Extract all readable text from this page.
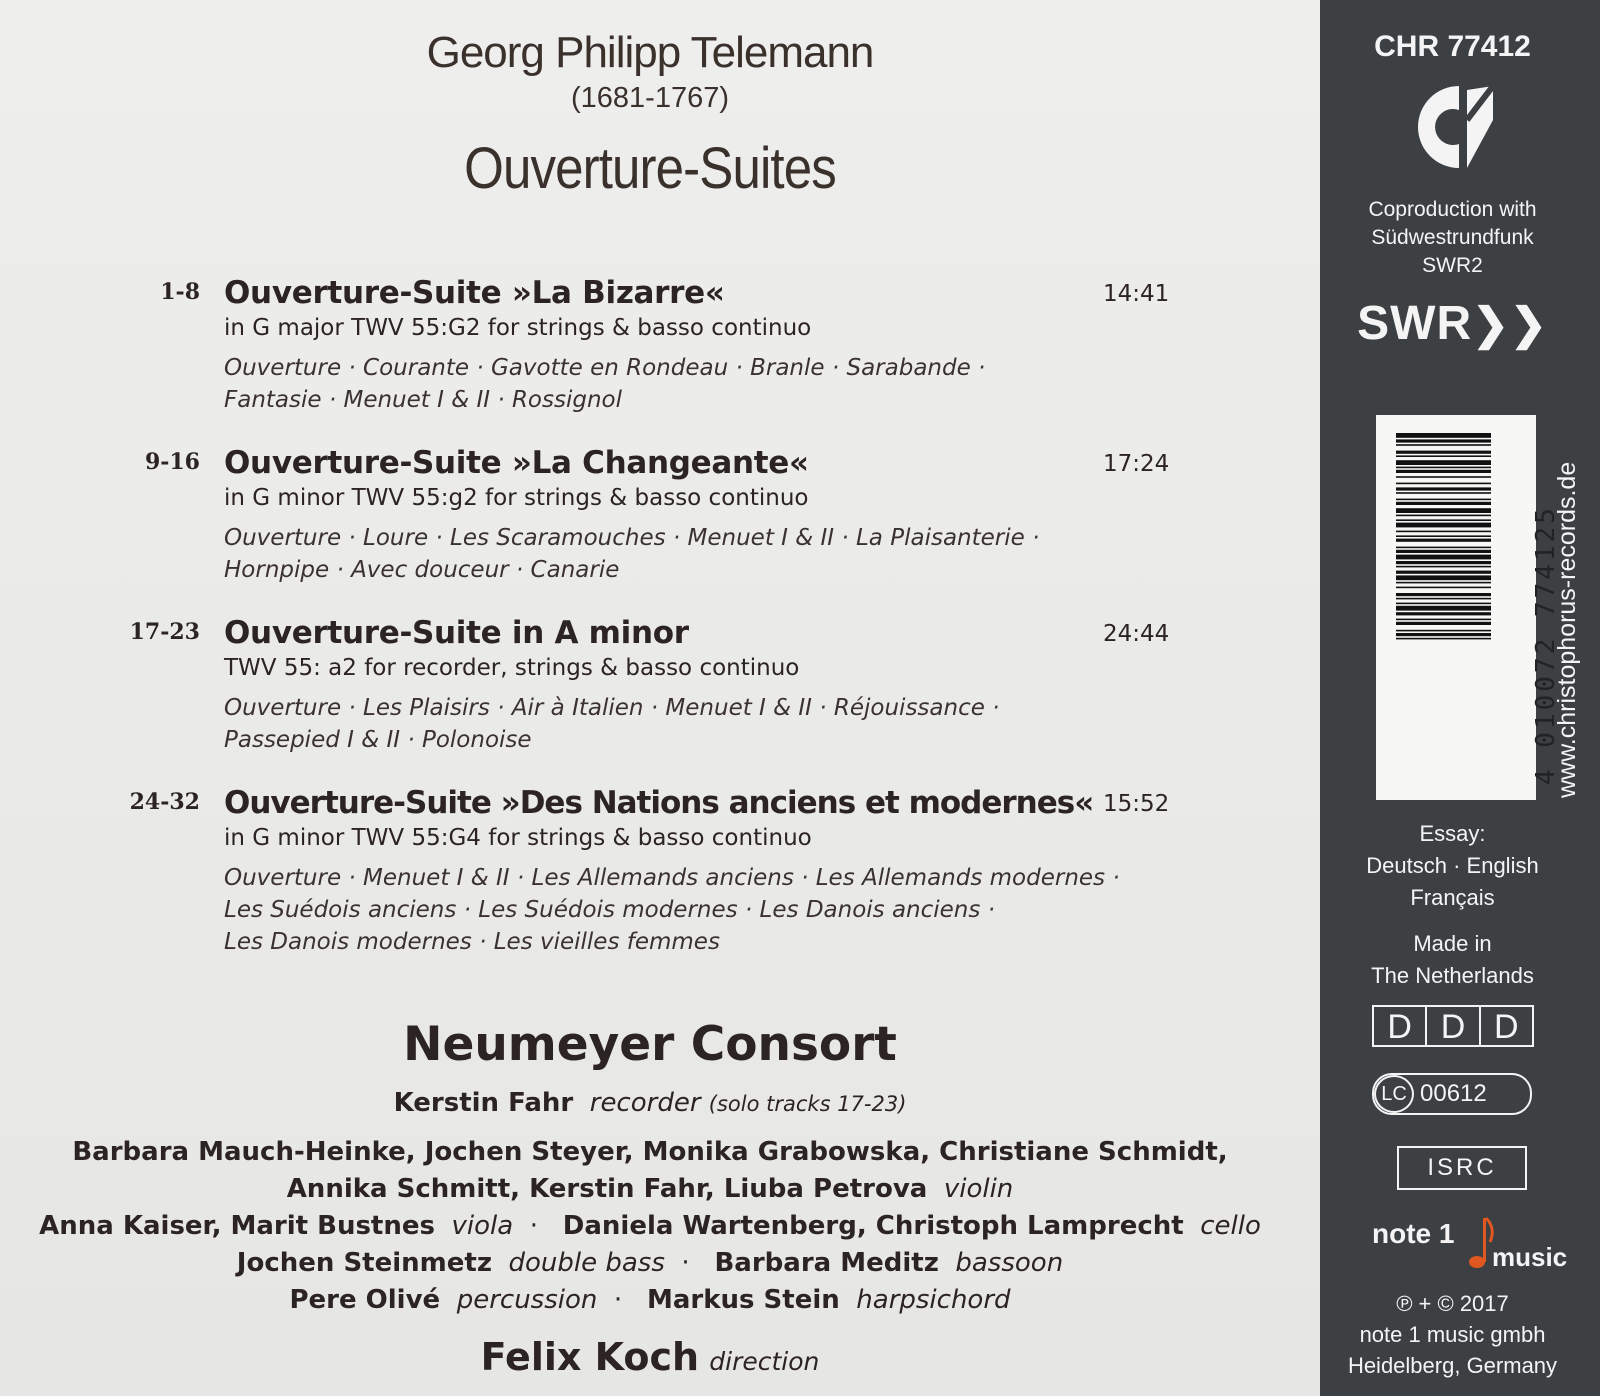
Georg Philipp Telemann
(1681-1767)
Ouverture-Suites
1-8 Ouverture-Suite »La Bizarre«	14:41
in G major TWV 55:G2 for strings & basso continuo
Ouverture · Courante · Gavotte en Rondeau · Branle · Sarabande ·
Fantasie · Menuet I & II · Rossignol
9-16 Ouverture-Suite »La Changeante«	17:24
in G minor TWV 55:g2 for strings & basso continuo
Ouverture · Loure · Les Scaramouches · Menuet I & II · La Plaisanterie ·
Hornpipe · Avec douceur · Canarie
17-23 Ouverture-Suite in A minor	24:44
TWV 55: a2 for recorder, strings & basso continuo
Ouverture · Les Plaisirs · Air à Italien · Menuet I & II · Réjouissance ·
Passepied I & II · Polonoise
24-32 Ouverture-Suite »Des Nations anciens et modernes« 15:52
in G minor TWV 55:G4 for strings & basso continuo
Ouverture · Menuet I & II · Les Allemands anciens · Les Allemands modernes ·
Les Suédois anciens · Les Suédois modernes · Les Danois anciens ·
Les Danois modernes · Les vieilles femmes
Neumeyer Consort
Kerstin Fahr recorder (solo tracks 17-23)
Barbara Mauch-Heinke, Jochen Steyer, Monika Grabowska, Christiane Schmidt,
Annika Schmitt, Kerstin Fahr, Liuba Petrova violin
Anna Kaiser, Marit Bustnes viola  ·   Daniela Wartenberg, Christoph Lamprecht cello
Jochen Steinmetz double bass  ·   Barbara Meditz bassoon
Pere Olivé percussion  ·   Markus Stein harpsichord
Felix Koch direction
CHR 77412
Coproduction with
Südwestrundfunk
SWR2
SWR❯❯
4 010072 774125
www.christophorus-records.de
Essay:
Deutsch · English
Français
Made in
The Netherlands
D D D
LC 00612
ISRC
note 1
music
℗ + © 2017
note 1 music gmbh
Heidelberg, Germany
